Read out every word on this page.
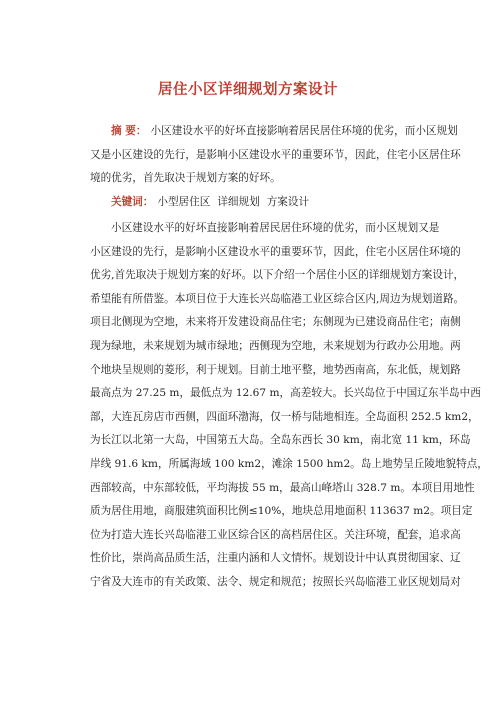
居住小区详细规划方案设计
摘 要： 小区建设水平的好坏直接影响着居民居住环境的优劣，而小区规划
又是小区建设的先行，是影响小区建设水平的重要环节，因此，住宅小区居住环
境的优劣，首先取决于规划方案的好坏。
关键词： 小型居住区 详细规划 方案设计
小区建设水平的好坏直接影响着居民居住环境的优劣，而小区规划又是
小区建设的先行，是影响小区建设水平的重要环节，因此，住宅小区居住环境的
优劣,首先取决于规划方案的好坏。以下介绍一个居住小区的详细规划方案设计，
希望能有所借鉴。本项目位于大连长兴岛临港工业区综合区内,周边为规划道路。
项目北侧现为空地，未来将开发建设商品住宅；东侧现为已建设商品住宅；南侧
现为绿地，未来规划为城市绿地；西侧现为空地，未来规划为行政办公用地。两
个地块呈规则的菱形，利于规划。目前土地平整，地势西南高，东北低，规划路
最高点为 27.25 m，最低点为 12.67 m，高差较大。长兴岛位于中国辽东半岛中西
部，大连瓦房店市西侧，四面环渤海，仅一桥与陆地相连。全岛面积 252.5 km2，
为长江以北第一大岛，中国第五大岛。全岛东西长 30 km，南北宽 11 km，环岛
岸线 91.6 km，所属海域 100 km2，滩涂 1500 hm2。岛上地势呈丘陵地貌特点，
西部较高，中东部较低，平均海拔 55 m，最高山峰塔山 328.7 m。本项目用地性
质为居住用地，商服建筑面积比例≤10%，地块总用地面积 113637 m2。项目定
位为打造大连长兴岛临港工业区综合区的高档居住区。关注环境，配套，追求高
性价比，崇尚高品质生活，注重内涵和人文情怀。规划设计中认真贯彻国家、辽
宁省及大连市的有关政策、法令、规定和规范；按照长兴岛临港工业区规划局对
